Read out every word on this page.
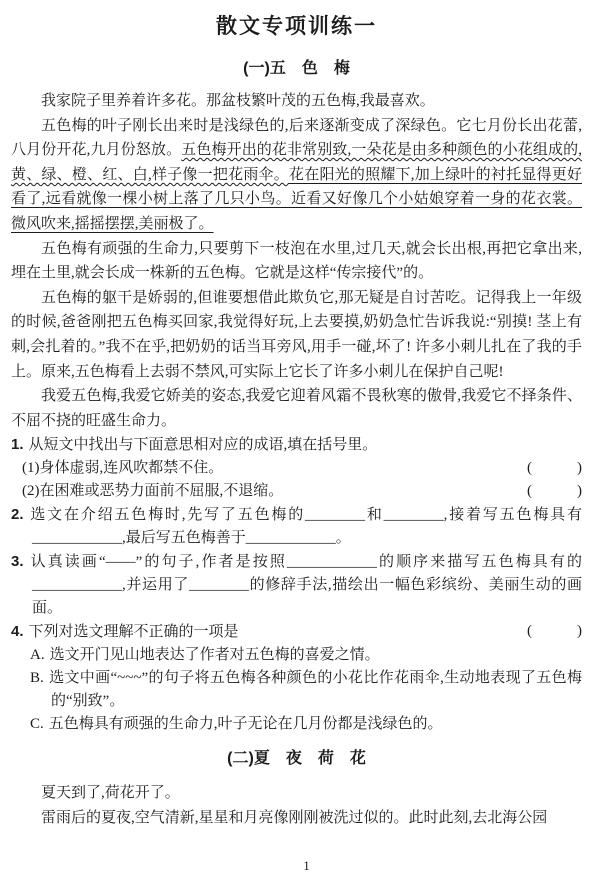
散文专项训练一
(一)五　色　梅

我家院子里养着许多花。那盆枝繁叶茂的五色梅,我最喜欢。

五色梅的叶子刚长出来时是浅绿色的,后来逐渐变成了深绿色。它七月份长出花蕾,八月份开花,九月份怒放。五色梅开出的花非常别致,一朵花是由多种颜色的小花组成的,黄、绿、橙、红、白,样子像一把花雨伞。花在阳光的照耀下,加上绿叶的衬托显得更好看了,远看就像一棵小树上落了几只小鸟。近看又好像几个小姑娘穿着一身的花衣裳。微风吹来,摇摇摆摆,美丽极了。

五色梅有顽强的生命力,只要剪下一枝泡在水里,过几天,就会长出根,再把它拿出来,埋在土里,就会长成一株新的五色梅。它就是这样“传宗接代”的。

五色梅的躯干是娇弱的,但谁要想借此欺负它,那无疑是自讨苦吃。记得我上一年级的时候,爸爸刚把五色梅买回家,我觉得好玩,上去要摸,奶奶急忙告诉我说:“别摸! 茎上有刺,会扎着的。”我不在乎,把奶奶的话当耳旁风,用手一碰,坏了! 许多小刺儿扎在了我的手上。原来,五色梅看上去弱不禁风,可实际上它长了许多小刺儿在保护自己呢!

我爱五色梅,我爱它娇美的姿态,我爱它迎着风霜不畏秋寒的傲骨,我爱它不择条件、不屈不挠的旺盛生命力。

1. 从短文中找出与下面意思相对应的成语,填在括号里。
(1)身体虚弱,连风吹都禁不住。	(　　　)
(2)在困难或恶势力面前不屈服,不退缩。	(　　　)
2. 选文在介绍五色梅时,先写了五色梅的________和________,接着写五色梅具有____________,最后写五色梅善于____________。
3. 认真读画“——”的句子,作者是按照____________的顺序来描写五色梅具有的____________,并运用了________的修辞手法,描绘出一幅色彩缤纷、美丽生动的画面。
4. 下列对选文理解不正确的一项是	(　　　)
A. 选文开门见山地表达了作者对五色梅的喜爱之情。
B. 选文中画“~~~”的句子将五色梅各种颜色的小花比作花雨伞,生动地表现了五色梅的“别致”。
C. 五色梅具有顽强的生命力,叶子无论在几月份都是浅绿色的。
(二)夏　夜　荷　花

夏天到了,荷花开了。

雷雨后的夏夜,空气清新,星星和月亮像刚刚被洗过似的。此时此刻,去北海公园

1
